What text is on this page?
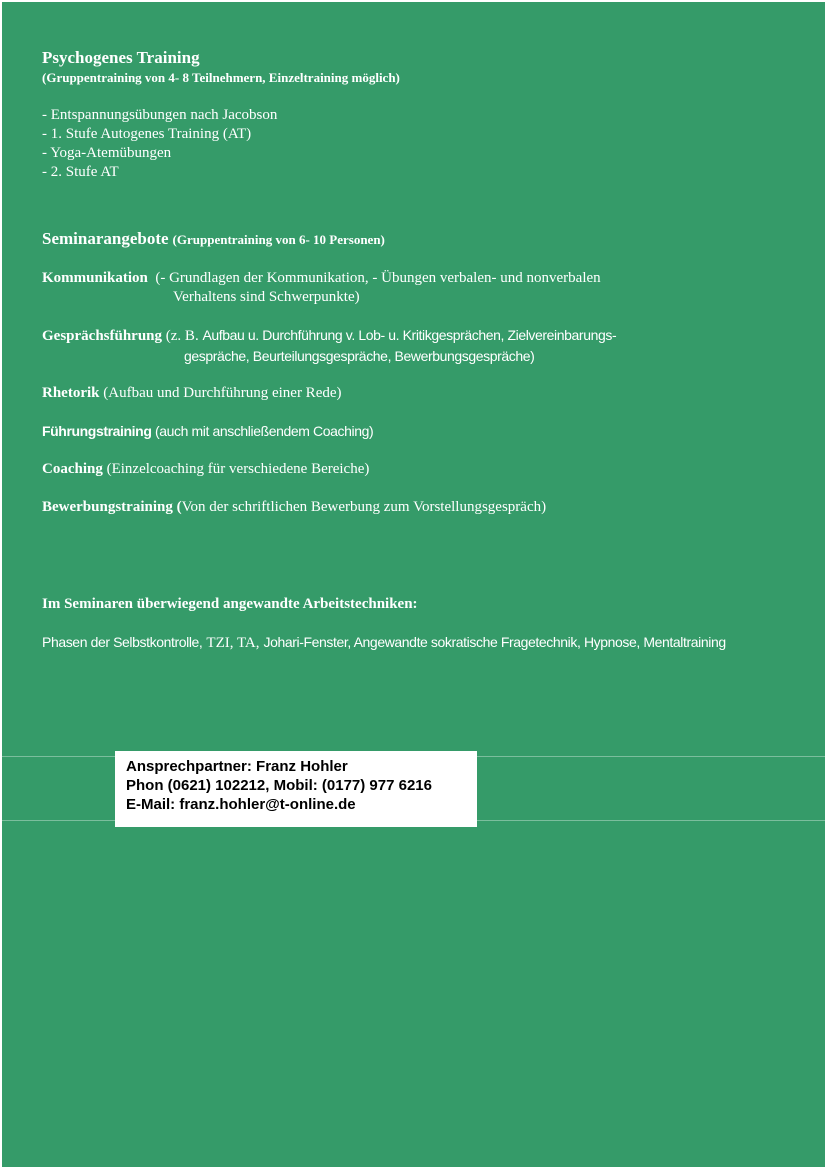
Psychogenes Training
(Gruppentraining von 4- 8 Teilnehmern, Einzeltraining möglich)
- Entspannungsübungen nach Jacobson
- 1. Stufe Autogenes Training (AT)
- Yoga-Atemübungen
- 2. Stufe AT
Seminarangebote (Gruppentraining von 6- 10 Personen)
Kommunikation (- Grundlagen der Kommunikation, - Übungen verbalen- und nonverbalen
Verhaltens sind Schwerpunkte)
Gesprächsführung (z. B. Aufbau u. Durchführung v. Lob- u. Kritikgesprächen, Zielvereinbarungs-
gespräche, Beurteilungsgespräche, Bewerbungsgespräche)
Rhetorik (Aufbau und Durchführung einer Rede)
Führungstraining (auch mit anschließendem Coaching)
Coaching (Einzelcoaching für verschiedene Bereiche)
Bewerbungstraining (Von der schriftlichen Bewerbung zum Vorstellungsgespräch)
Im Seminaren überwiegend angewandte Arbeitstechniken:
Phasen der Selbstkontrolle, TZI, TA, Johari-Fenster, Angewandte sokratische Fragetechnik, Hypnose, Mentaltraining
Ansprechpartner: Franz Hohler
Phon (0621) 102212, Mobil: (0177) 977 6216
E-Mail: franz.hohler@t-online.de
